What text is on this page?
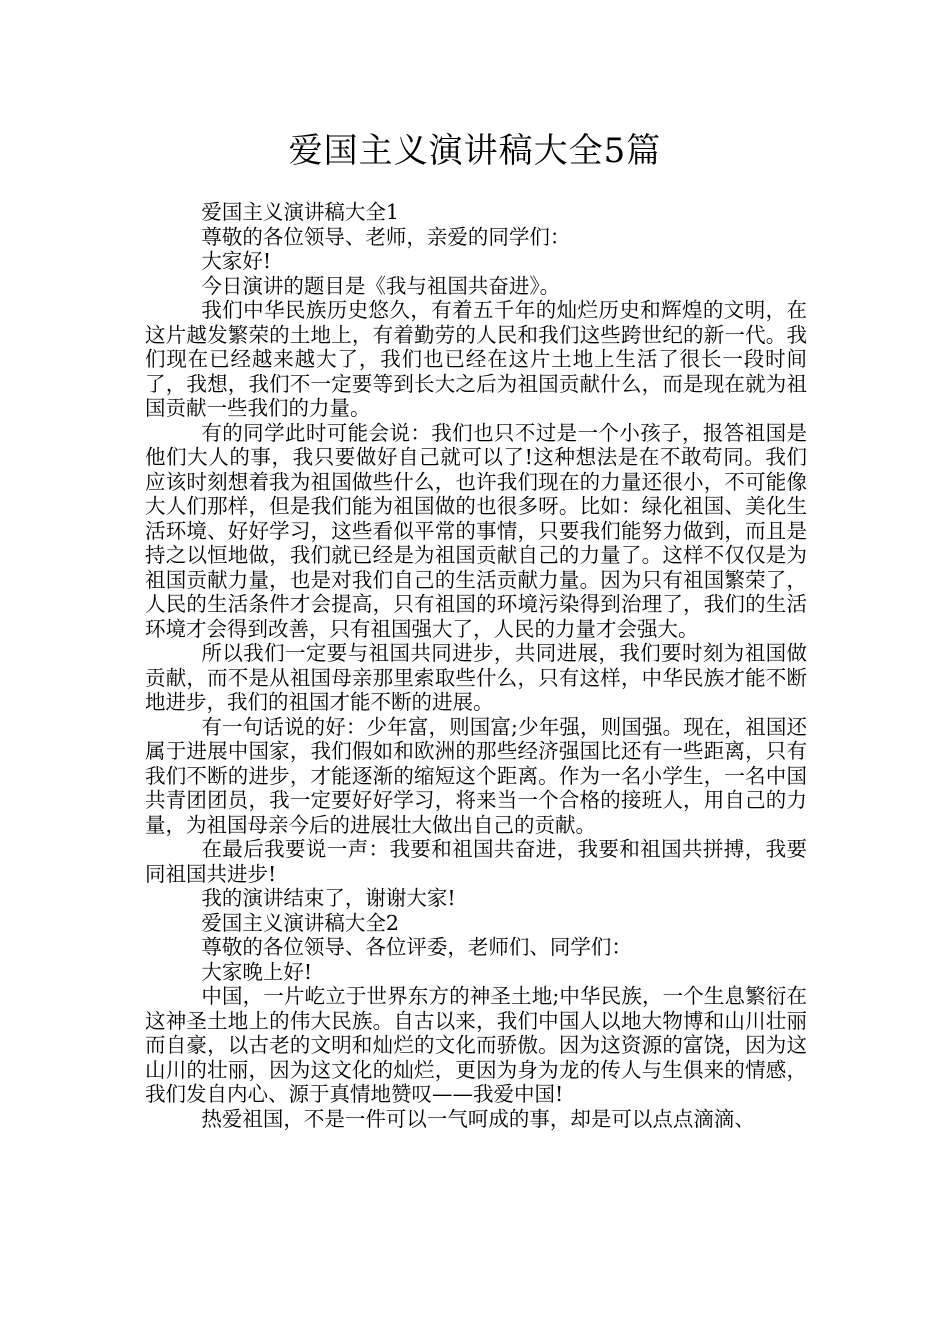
爱国主义演讲稿大全5篇

爱国主义演讲稿大全1

尊敬的各位领导、老师，亲爱的同学们：

大家好!

今日演讲的题目是《我与祖国共奋进》。

我们中华民族历史悠久，有着五千年的灿烂历史和辉煌的文明，在这片越发繁荣的土地上，有着勤劳的人民和我们这些跨世纪的新一代。我们现在已经越来越大了，我们也已经在这片土地上生活了很长一段时间了，我想，我们不一定要等到长大之后为祖国贡献什么，而是现在就为祖国贡献一些我们的力量。

有的同学此时可能会说：我们也只不过是一个小孩子，报答祖国是他们大人的事，我只要做好自己就可以了!这种想法是在不敢苟同。我们应该时刻想着我为祖国做些什么，也许我们现在的力量还很小，不可能像大人们那样，但是我们能为祖国做的也很多呀。比如：绿化祖国、美化生活环境、好好学习，这些看似平常的事情，只要我们能努力做到，而且是持之以恒地做，我们就已经是为祖国贡献自己的力量了。这样不仅仅是为祖国贡献力量，也是对我们自己的生活贡献力量。因为只有祖国繁荣了，人民的生活条件才会提高，只有祖国的环境污染得到治理了，我们的生活环境才会得到改善，只有祖国强大了，人民的力量才会强大。

所以我们一定要与祖国共同进步，共同进展，我们要时刻为祖国做贡献，而不是从祖国母亲那里索取些什么，只有这样，中华民族才能不断地进步，我们的祖国才能不断的进展。

有一句话说的好：少年富，则国富;少年强，则国强。现在，祖国还属于进展中国家，我们假如和欧洲的那些经济强国比还有一些距离，只有我们不断的进步，才能逐渐的缩短这个距离。作为一名小学生，一名中国共青团团员，我一定要好好学习，将来当一个合格的接班人，用自己的力量，为祖国母亲今后的进展壮大做出自己的贡献。

在最后我要说一声：我要和祖国共奋进，我要和祖国共拼搏，我要同祖国共进步!

我的演讲结束了，谢谢大家!

爱国主义演讲稿大全2

尊敬的各位领导、各位评委，老师们、同学们：

大家晚上好!

中国，一片屹立于世界东方的神圣土地;中华民族，一个生息繁衍在这神圣土地上的伟大民族。自古以来，我们中国人以地大物博和山川壮丽而自豪，以古老的文明和灿烂的文化而骄傲。因为这资源的富饶，因为这山川的壮丽，因为这文化的灿烂，更因为身为龙的传人与生俱来的情感，我们发自内心、源于真情地赞叹——我爱中国!

热爱祖国，不是一件可以一气呵成的事，却是可以点点滴滴、
